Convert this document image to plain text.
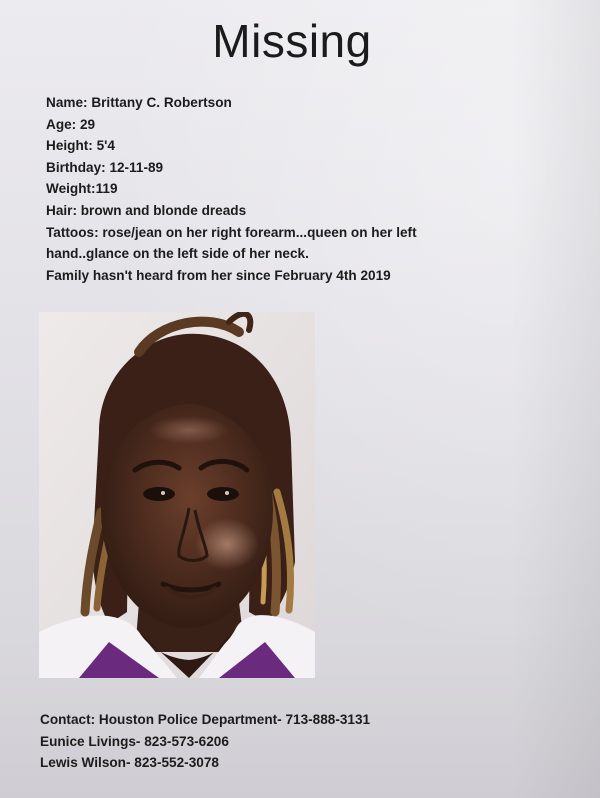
Missing
Name: Brittany C. Robertson
Age: 29
Height: 5'4
Birthday: 12-11-89
Weight:119
Hair: brown and blonde dreads
Tattoos: rose/jean on her right forearm...queen on her left
hand..glance on the left side of her neck.
Family hasn't heard from her since February 4th 2019
Contact: Houston Police Department- 713-888-3131
Eunice Livings- 823-573-6206
Lewis Wilson- 823-552-3078
